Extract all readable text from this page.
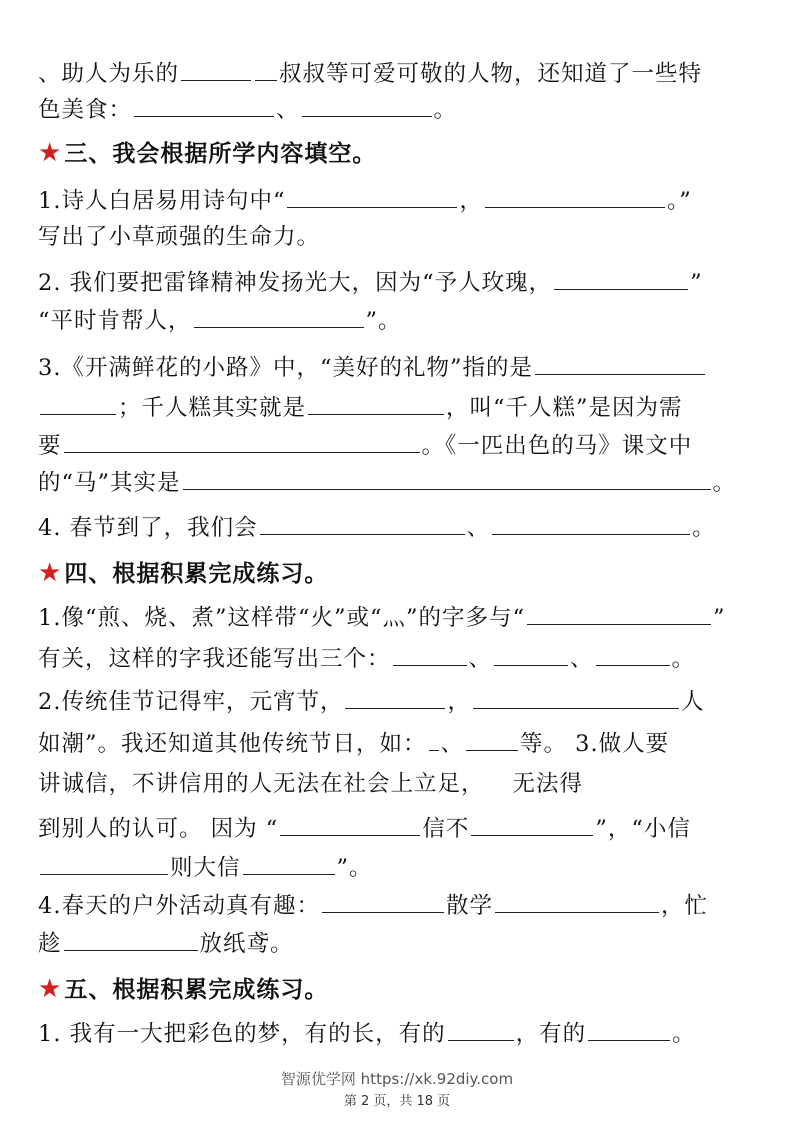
、助人为乐的	叔叔等可爱可敬的人物，还知道了一些特
色美食：	、	。
★三、我会根据所学内容填空。
1.诗人白居易用诗句中“	，	。”
写出了小草顽强的生命力。
2. 我们要把雷锋精神发扬光大，因为“予人玫瑰，	”
“平时肯帮人，	”。
3.《开满鲜花的小路》中，“美好的礼物”指的是
；千人糕其实就是	，叫“千人糕”是因为需
要	。《一匹出色的马》课文中
的“马”其实是	。
4. 春节到了，我们会	、	。
★四、根据积累完成练习。
1.像“煎、烧、煮”这样带“火”或“灬”的字多与“	”
有关，这样的字我还能写出三个：	、	、	。
2.传统佳节记得牢，元宵节，	，	人
如潮”。我还知道其他传统节日，如： 、 等。 3.做人要
讲诚信，不讲信用的人无法在社会上立足， 无法得
到别人的认可。 因为 “	信不	”，“小信
则大信	”。
4.春天的户外活动真有趣：	散学	，忙
趁	放纸鸢。
★五、根据积累完成练习。
1. 我有一大把彩色的梦，有的长，有的	，有的	。
智源优学网 https://xk.92diy.com
第 2 页，共 18 页
